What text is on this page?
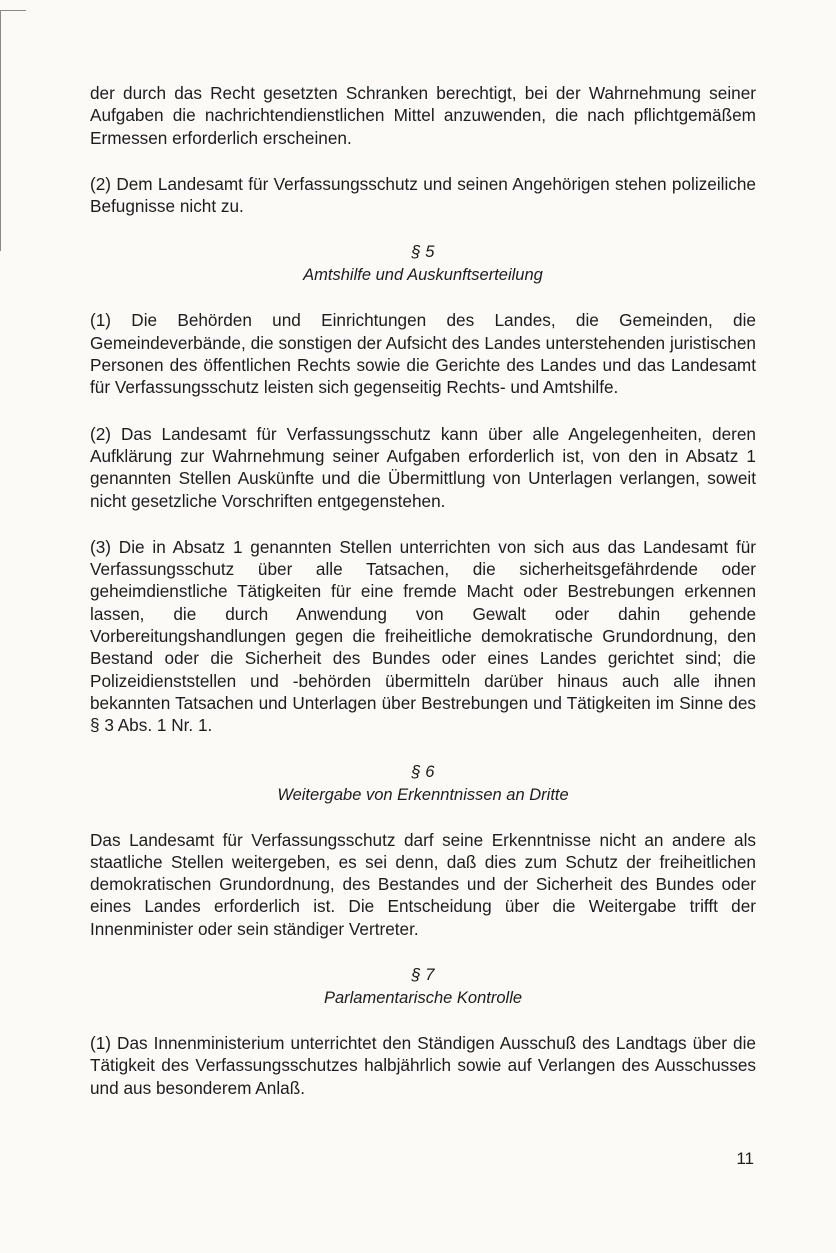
der durch das Recht gesetzten Schranken berechtigt, bei der Wahrnehmung seiner Aufgaben die nachrichtendienstlichen Mittel anzuwenden, die nach pflichtgemäßem Ermessen erforderlich erscheinen.

(2) Dem Landesamt für Verfassungsschutz und seinen Angehörigen stehen polizeiliche Befugnisse nicht zu.

§ 5
Amtshilfe und Auskunftserteilung

(1) Die Behörden und Einrichtungen des Landes, die Gemeinden, die Gemeindeverbände, die sonstigen der Aufsicht des Landes unterstehenden juristischen Personen des öffentlichen Rechts sowie die Gerichte des Landes und das Landesamt für Verfassungsschutz leisten sich gegenseitig Rechts- und Amtshilfe.

(2) Das Landesamt für Verfassungsschutz kann über alle Angelegenheiten, deren Aufklärung zur Wahrnehmung seiner Aufgaben erforderlich ist, von den in Absatz 1 genannten Stellen Auskünfte und die Übermittlung von Unterlagen verlangen, soweit nicht gesetzliche Vorschriften entgegenstehen.

(3) Die in Absatz 1 genannten Stellen unterrichten von sich aus das Landesamt für Verfassungsschutz über alle Tatsachen, die sicherheitsgefährdende oder geheimdienstliche Tätigkeiten für eine fremde Macht oder Bestrebungen erkennen lassen, die durch Anwendung von Gewalt oder dahin gehende Vorbereitungshandlungen gegen die freiheitliche demokratische Grundordnung, den Bestand oder die Sicherheit des Bundes oder eines Landes gerichtet sind; die Polizeidienststellen und -behörden übermitteln darüber hinaus auch alle ihnen bekannten Tatsachen und Unterlagen über Bestrebungen und Tätigkeiten im Sinne des § 3 Abs. 1 Nr. 1.

§ 6
Weitergabe von Erkenntnissen an Dritte

Das Landesamt für Verfassungsschutz darf seine Erkenntnisse nicht an andere als staatliche Stellen weitergeben, es sei denn, daß dies zum Schutz der freiheitlichen demokratischen Grundordnung, des Bestandes und der Sicherheit des Bundes oder eines Landes erforderlich ist. Die Entscheidung über die Weitergabe trifft der Innenminister oder sein ständiger Vertreter.

§ 7
Parlamentarische Kontrolle

(1) Das Innenministerium unterrichtet den Ständigen Ausschuß des Landtags über die Tätigkeit des Verfassungsschutzes halbjährlich sowie auf Verlangen des Ausschusses und aus besonderem Anlaß.

11
